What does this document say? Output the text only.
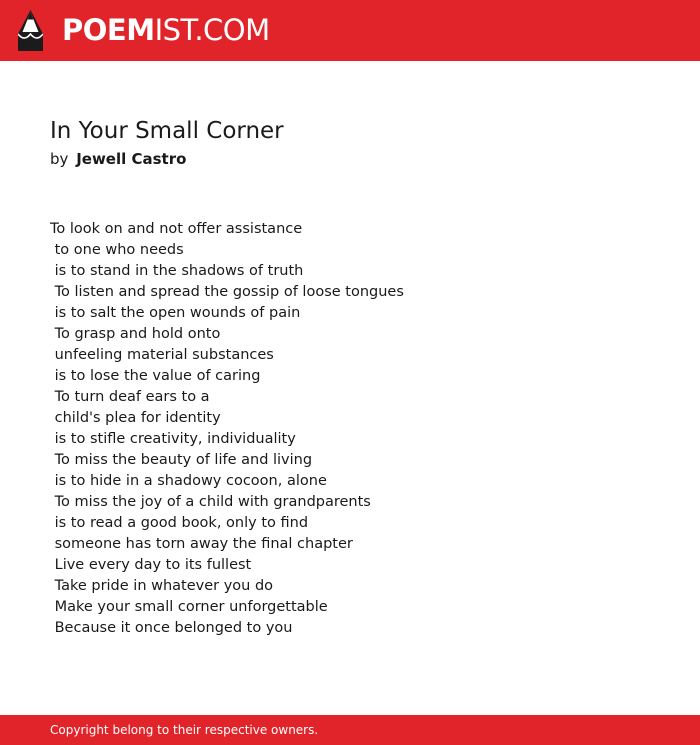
POEMIST.COM
In Your Small Corner
by Jewell Castro
To look on and not offer assistance
to one who needs
is to stand in the shadows of truth
To listen and spread the gossip of loose tongues
is to salt the open wounds of pain
To grasp and hold onto
unfeeling material substances
is to lose the value of caring
To turn deaf ears to a
child's plea for identity
is to stifle creativity, individuality
To miss the beauty of life and living
is to hide in a shadowy cocoon, alone
To miss the joy of a child with grandparents
is to read a good book, only to find
someone has torn away the final chapter
Live every day to its fullest
Take pride in whatever you do
Make your small corner unforgettable
Because it once belonged to you
Copyright belong to their respective owners.
